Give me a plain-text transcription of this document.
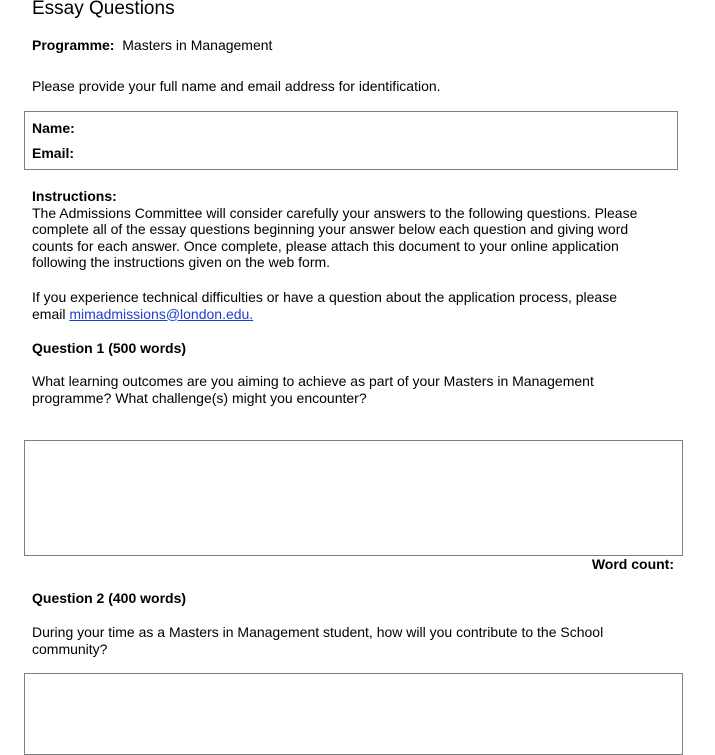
Essay Questions
Programme: Masters in Management
Please provide your full name and email address for identification.
Name:
Email:
Instructions:
The Admissions Committee will consider carefully your answers to the following questions. Please
complete all of the essay questions beginning your answer below each question and giving word
counts for each answer. Once complete, please attach this document to your online application
following the instructions given on the web form.
If you experience technical difficulties or have a question about the application process, please
email mimadmissions@london.edu.
Question 1 (500 words)
What learning outcomes are you aiming to achieve as part of your Masters in Management
programme? What challenge(s) might you encounter?
Word count:
Question 2 (400 words)
During your time as a Masters in Management student, how will you contribute to the School
community?
